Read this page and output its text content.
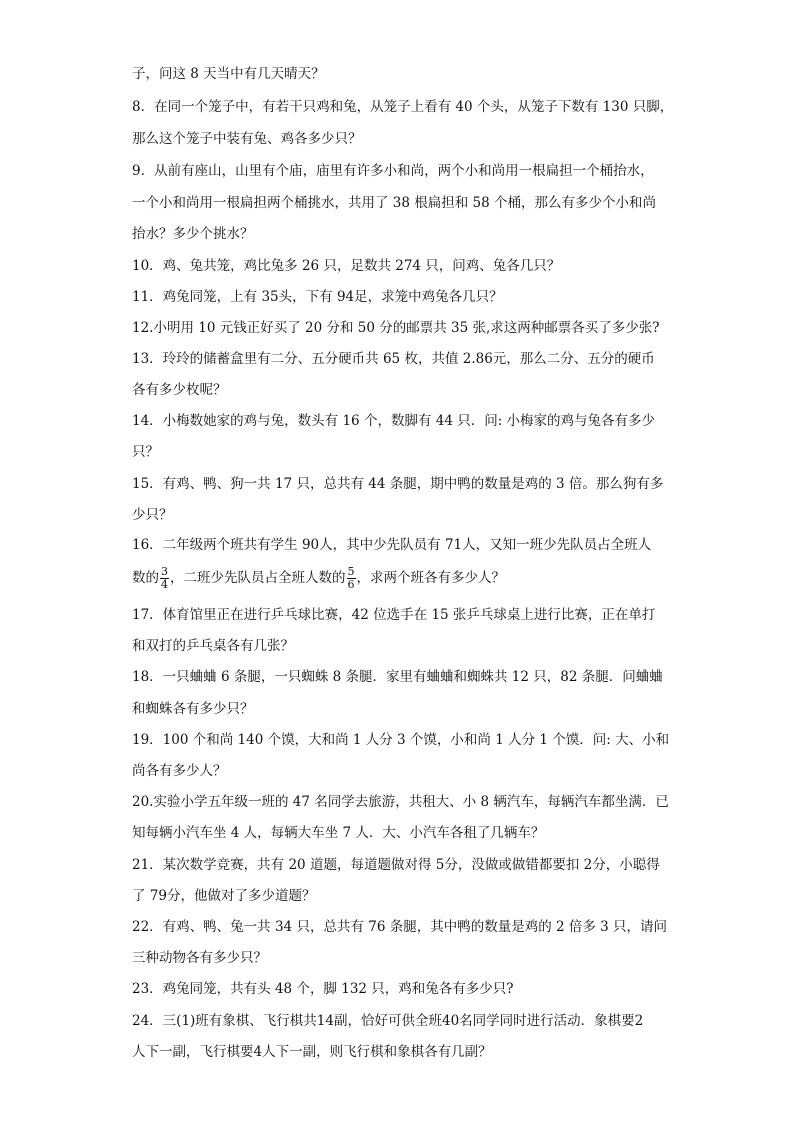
子，问这 8 天当中有几天晴天？
8．在同一个笼子中，有若干只鸡和兔，从笼子上看有 40 个头，从笼子下数有 130 只脚，
那么这个笼子中装有兔、鸡各多少只？
9．从前有座山，山里有个庙，庙里有许多小和尚，两个小和尚用一根扁担一个桶抬水，
一个小和尚用一根扁担两个桶挑水，共用了 38 根扁担和 58 个桶，那么有多少个小和尚
抬水？多少个挑水？
10．鸡、兔共笼，鸡比兔多 26 只，足数共 274 只，问鸡、兔各几只？
11．鸡兔同笼，上有 35头，下有 94足，求笼中鸡兔各几只？
12.小明用 10 元钱正好买了 20 分和 50 分的邮票共 35 张,求这两种邮票各买了多少张?
13．玲玲的储蓄盒里有二分、五分硬币共 65 枚，共值 2.86元，那么二分、五分的硬币
各有多少枚呢？
14．小梅数她家的鸡与兔，数头有 16 个，数脚有 44 只．问: 小梅家的鸡与兔各有多少
只？
15．有鸡、鸭、狗一共 17 只，总共有 44 条腿，期中鸭的数量是鸡的 3 倍。那么狗有多
少只？
16．二年级两个班共有学生 90人，其中少先队员有 71人，又知一班少先队员占全班人
数的 $\frac{3}{4}$ ，二班少先队员占全班人数的 $\frac{5}{6}$ ，求两个班各有多少人？
17．体育馆里正在进行乒乓球比赛，42 位选手在 15 张乒乓球桌上进行比赛，正在单打
和双打的乒乓桌各有几张？
18．一只蛐蛐 6 条腿，一只蜘蛛 8 条腿．家里有蛐蛐和蜘蛛共 12 只，82 条腿．问蛐蛐
和蜘蛛各有多少只？
19．100 个和尚 140 个馍，大和尚 1 人分 3 个馍，小和尚 1 人分 1 个馍．问: 大、小和
尚各有多少人？
20.实验小学五年级一班的 47 名同学去旅游，共租大、小 8 辆汽车，每辆汽车都坐满．已
知每辆小汽车坐 4 人，每辆大车坐 7 人．大、小汽车各租了几辆车？
21．某次数学竞赛，共有 20 道题，每道题做对得 5分，没做或做错都要扣 2分，小聪得
了 79分，他做对了多少道题？
22．有鸡、鸭、兔一共 34 只，总共有 76 条腿，其中鸭的数量是鸡的 2 倍多 3 只，请问
三种动物各有多少只？
23．鸡兔同笼，共有头 48 个，脚 132 只，鸡和兔各有多少只?
24．三(1)班有象棋、飞行棋共14副，恰好可供全班40名同学同时进行活动．象棋要2
人下一副，飞行棋要4人下一副，则飞行棋和象棋各有几副？
